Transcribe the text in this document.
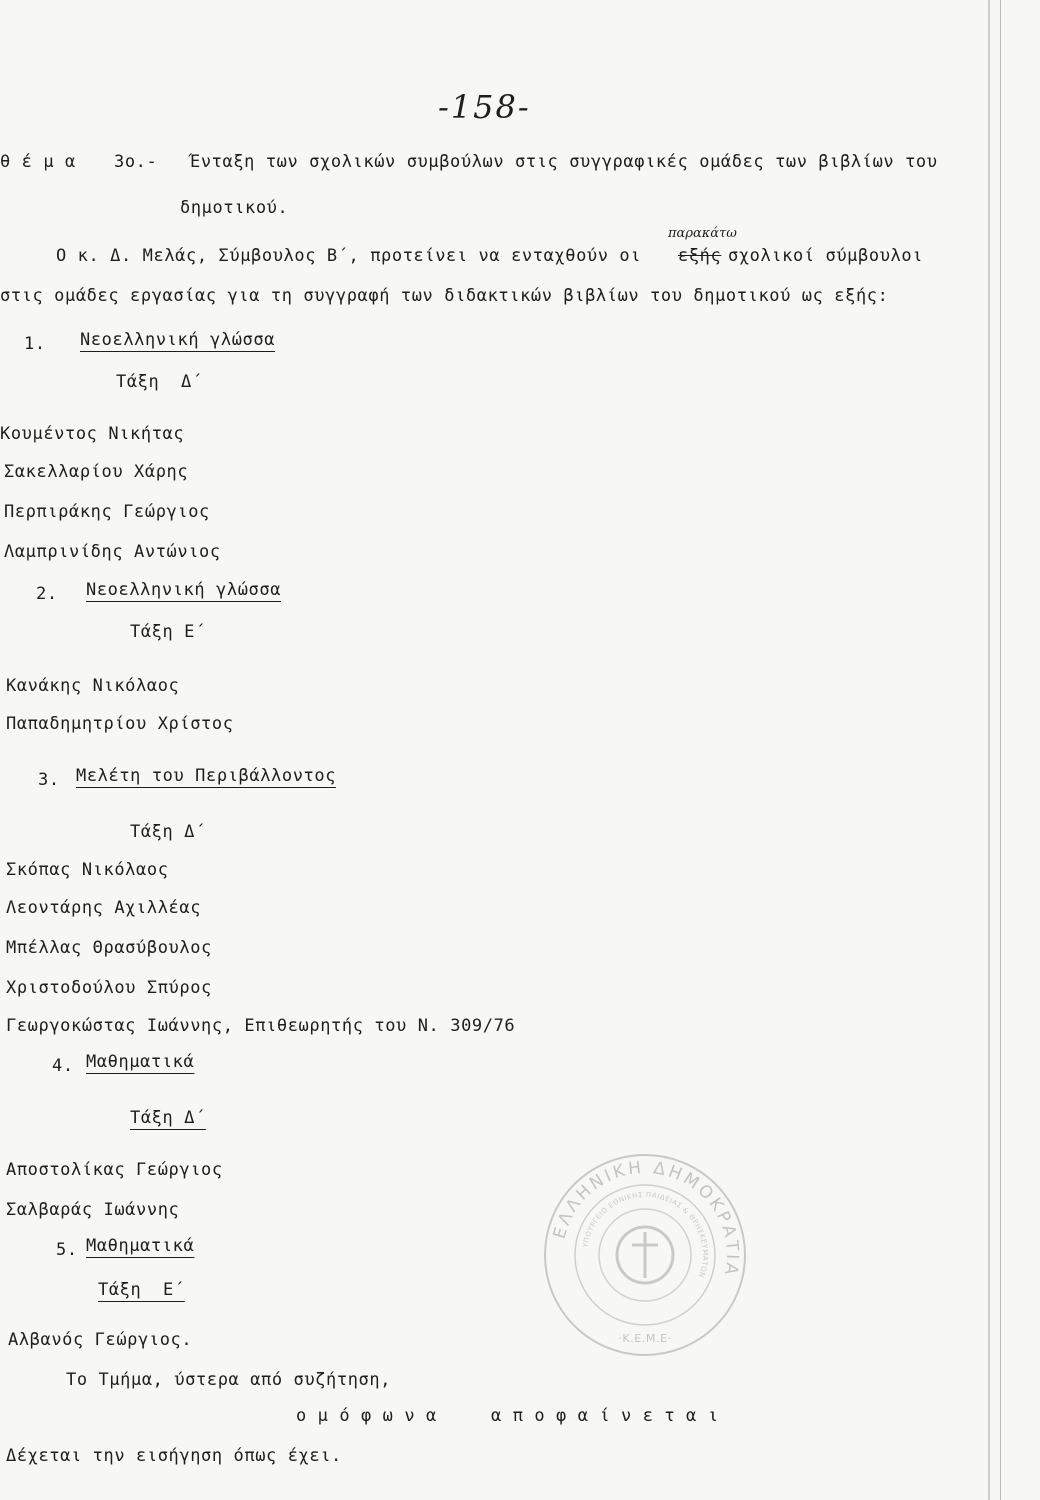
-158-
θ έ μ α 3ο.- Ένταξη των σχολικών συμβούλων στις συγγραφικές ομάδες των βιβλίων του
δημοτικού.
Ο κ. Δ. Μελάς, Σύμβουλος Β΄, προτείνει να ενταχθούν οι
παρακάτω
εξής σχολικοί σύμβουλοι
στις ομάδες εργασίας για τη συγγραφή των διδακτικών βιβλίων του δημοτικού ως εξής:
1. Νεοελληνική γλώσσα
Τάξη  Δ΄
Κουμέντος Νικήτας
Σακελλαρίου Χάρης
Περπιράκης Γεώργιος
Λαμπρινίδης Αντώνιος
2. Νεοελληνική γλώσσα
Τάξη Ε΄
Κανάκης Νικόλαος
Παπαδημητρίου Χρίστος
3. Μελέτη του Περιβάλλοντος
Τάξη Δ΄
Σκόπας Νικόλαος
Λεοντάρης Αχιλλέας
Μπέλλας Θρασύβουλος
Χριστοδούλου Σπύρος
Γεωργοκώστας Ιωάννης, Επιθεωρητής του Ν. 309/76
4. Μαθηματικά
Τάξη Δ΄
Αποστολίκας Γεώργιος
Σαλβαράς Ιωάννης
5. Μαθηματικά
Τάξη  Ε΄
Αλβανός Γεώργιος.
Το Τμήμα, ύστερα από συζήτηση,
ο μ ό φ ω ν α     α π ο φ α ί ν ε τ α ι
Δέχεται την εισήγηση όπως έχει.
ΕΛΛΗΝΙΚΗ ΔΗΜΟΚΡΑΤΙΑ
ΥΠΟΥΡΓΕΙΟ ΕΘΝΙΚΗΣ ΠΑΙΔΕΙΑΣ & ΘΡΗΣΚΕΥΜΑΤΩΝ
·Κ.Ε.Μ.Ε·
